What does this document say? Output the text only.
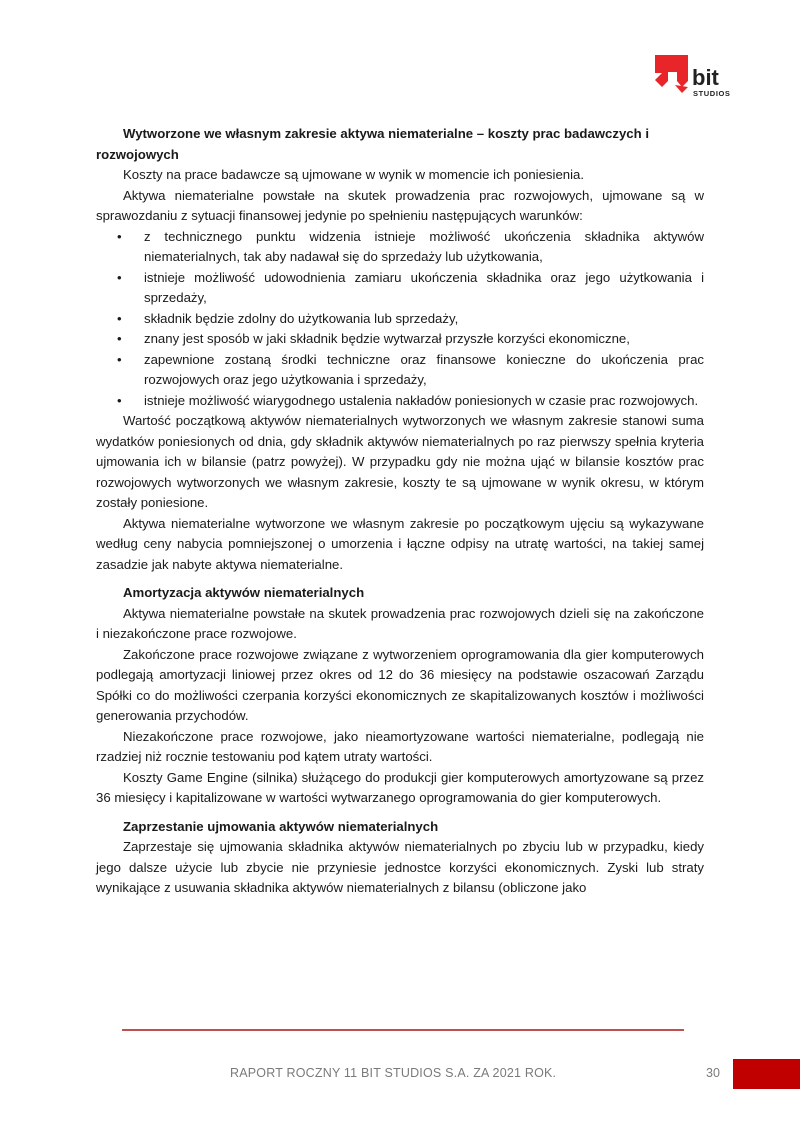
bit
STUDIOS

Wytworzone we własnym zakresie aktywa niematerialne – koszty prac badawczych i rozwojowych

Koszty na prace badawcze są ujmowane w wynik w momencie ich poniesienia.

Aktywa niematerialne powstałe na skutek prowadzenia prac rozwojowych, ujmowane są w sprawozdaniu z sytuacji finansowej jedynie po spełnieniu następujących warunków:

• z technicznego punktu widzenia istnieje możliwość ukończenia składnika aktywów niematerialnych, tak aby nadawał się do sprzedaży lub użytkowania,
• istnieje możliwość udowodnienia zamiaru ukończenia składnika oraz jego użytkowania i sprzedaży,
• składnik będzie zdolny do użytkowania lub sprzedaży,
• znany jest sposób w jaki składnik będzie wytwarzał przyszłe korzyści ekonomiczne,
• zapewnione zostaną środki techniczne oraz finansowe konieczne do ukończenia prac rozwojowych oraz jego użytkowania i sprzedaży,
• istnieje możliwość wiarygodnego ustalenia nakładów poniesionych w czasie prac rozwojowych.

Wartość początkową aktywów niematerialnych wytworzonych we własnym zakresie stanowi suma wydatków poniesionych od dnia, gdy składnik aktywów niematerialnych po raz pierwszy spełnia kryteria ujmowania ich w bilansie (patrz powyżej). W przypadku gdy nie można ująć w bilansie kosztów prac rozwojowych wytworzonych we własnym zakresie, koszty te są ujmowane w wynik okresu, w którym zostały poniesione.

Aktywa niematerialne wytworzone we własnym zakresie po początkowym ujęciu są wykazywane według ceny nabycia pomniejszonej o umorzenia i łączne odpisy na utratę wartości, na takiej samej zasadzie jak nabyte aktywa niematerialne.

Amortyzacja aktywów niematerialnych

Aktywa niematerialne powstałe na skutek prowadzenia prac rozwojowych dzieli się na zakończone i niezakończone prace rozwojowe.

Zakończone prace rozwojowe związane z wytworzeniem oprogramowania dla gier komputerowych podlegają amortyzacji liniowej przez okres od 12 do 36 miesięcy na podstawie oszacowań Zarządu Spółki co do możliwości czerpania korzyści ekonomicznych ze skapitalizowanych kosztów i możliwości generowania przychodów.

Niezakończone prace rozwojowe, jako nieamortyzowane wartości niematerialne, podlegają nie rzadziej niż rocznie testowaniu pod kątem utraty wartości.

Koszty Game Engine (silnika) służącego do produkcji gier komputerowych amortyzowane są przez 36 miesięcy i kapitalizowane w wartości wytwarzanego oprogramowania do gier komputerowych.

Zaprzestanie ujmowania aktywów niematerialnych

Zaprzestaje się ujmowania składnika aktywów niematerialnych po zbyciu lub w przypadku, kiedy jego dalsze użycie lub zbycie nie przyniesie jednostce korzyści ekonomicznych. Zyski lub straty wynikające z usuwania składnika aktywów niematerialnych z bilansu (obliczone jako

RAPORT ROCZNY 11 BIT STUDIOS S.A. ZA 2021 ROK.	30
